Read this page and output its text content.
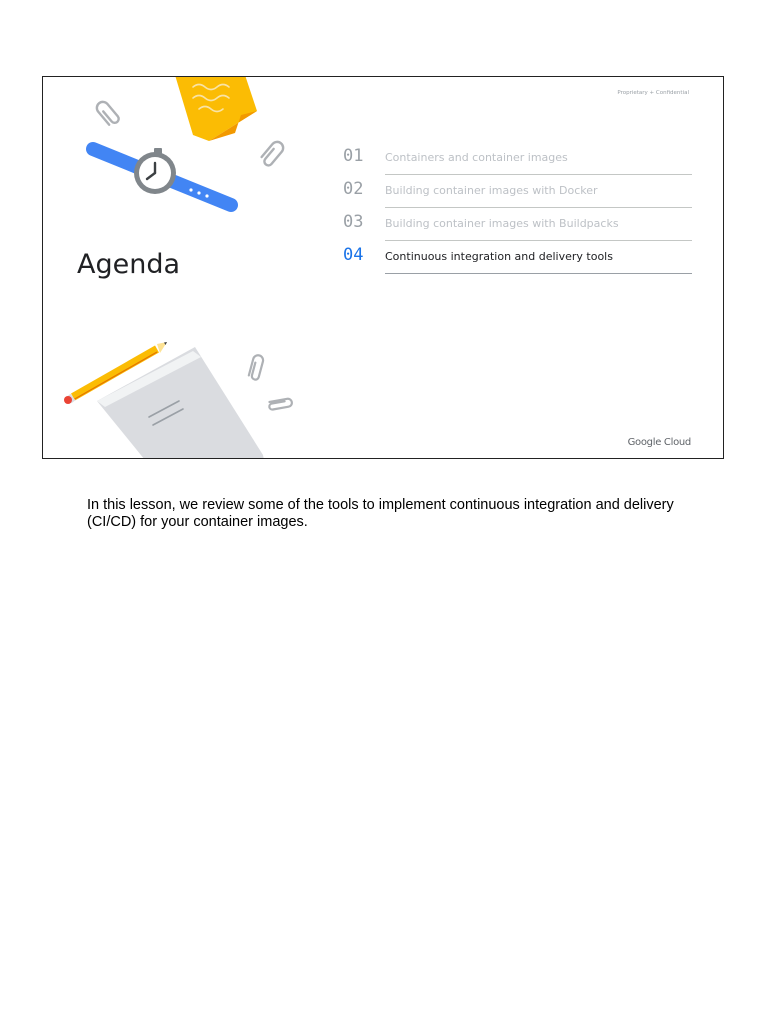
Proprietary + Confidential
Agenda
01 Containers and container images
02 Building container images with Docker
03 Building container images with Buildpacks
04 Continuous integration and delivery tools
Google Cloud
In this lesson, we review some of the tools to implement continuous integration and delivery (CI/CD) for your container images.
